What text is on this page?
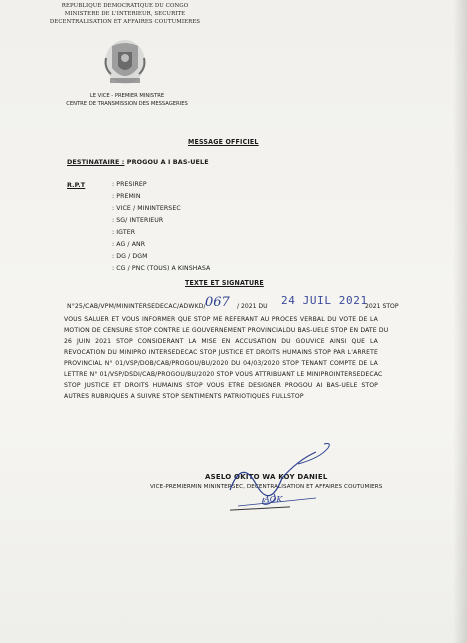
REPUBLIQUE DEMOCRATIQUE DU CONGO
MINISTERE DE L'INTERIEUR, SECURITE
DECENTRALISATION ET AFFAIRES COUTUMIERES
LE VICE - PREMIER MINISTRE
CENTRE DE TRANSMISSION DES MESSAGERIES
MESSAGE OFFICIEL
DESTINATAIRE : PROGOU A I BAS-UELE
R.P.T	: PRESIREP
: PREMIN
: VICE / MININTERSEC
: SG/ INTERIEUR
: IGTER
: AG / ANR
: DG / DGM
: CG / PNC (TOUS) A KINSHASA
TEXTE ET SIGNATURE
N°25/CAB/VPM/MININTERSEDECAC/ADWKD/ 067 / 2021 DU 24 JUIL 2021
2021 STOP
VOUS SALUER ET VOUS INFORMER QUE STOP ME REFERANT AU PROCES VERBAL DU VOTE DE LA
MOTION DE CENSURE STOP CONTRE LE GOUVERNEMENT PROVINCIALDU BAS-UELE STOP EN DATE DU
26 JUIN 2021 STOP CONSIDERANT LA MISE EN ACCUSATION DU GOUVICE AINSI QUE LA
REVOCATION DU MINIPRO INTERSEDECAC STOP JUSTICE ET DROITS HUMAINS STOP PAR L'ARRETE
PROVINCIAL N° 01/VSP/DOB/CAB/PROGOU/BU/2020 DU 04/03/2020 STOP TENANT COMPTE DE LA
LETTRE N° 01/VSP/DSDI/CAB/PROGOU/BU/2020 STOP VOUS ATTRIBUANT LE MINIPROINTERSEDECAC
STOP JUSTICE ET DROITS HUMAINS STOP VOUS ETRE DESIGNER PROGOU AI BAS-UELE STOP
AUTRES RUBRIQUES A SUIVRE STOP SENTIMENTS PATRIOTIQUES FULLSTOP
ASELO OKITO WA KOY DANIEL
VICE-PREMIERMIN MININTERSEC, DECENTRALISATION ET AFFAIRES COUTUMIERS
AOK
